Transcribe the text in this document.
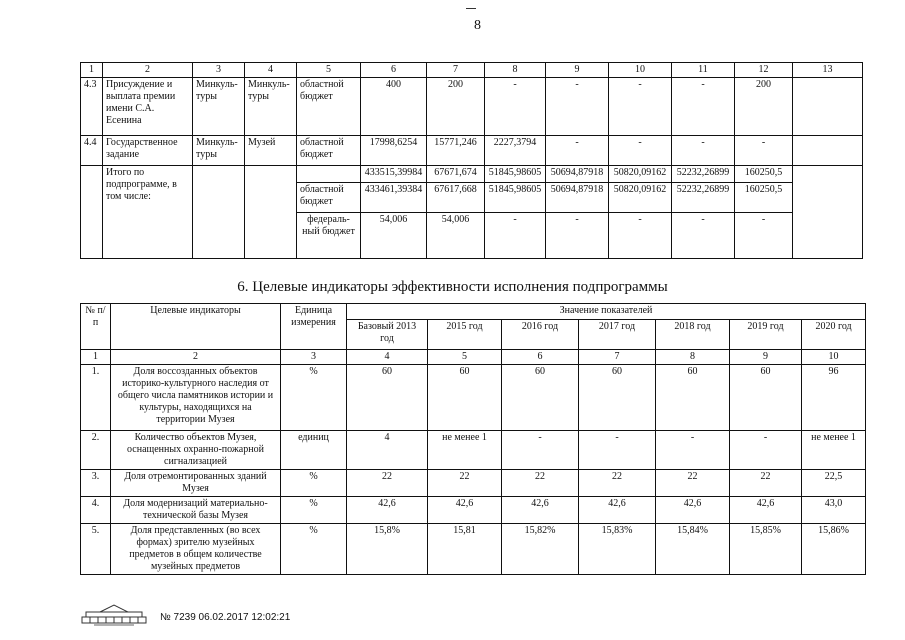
8
1	2	3	4	5	6	7	8	9	10	11	12	13
4.3	Присуждение и выплата премии имени С.А. Есенина	Минкуль-туры	Минкуль-туры	областной бюджет	400	200	-	-	-	-	200	
4.4	Государственное задание	Минкуль-туры	Музей	областной бюджет	17998,6254	15771,246	2227,3794	-	-	-	-	
	Итого по подпрограмме, в том числе:				433515,39984	67671,674	51845,98605	50694,87918	50820,09162	52232,26899	160250,5	
				областной бюджет	433461,39384	67617,668	51845,98605	50694,87918	50820,09162	52232,26899	160250,5	
				федераль-ный бюджет	54,006	54,006	-	-	-	-	-	
6. Целевые индикаторы эффективности исполнения подпрограммы
№ п/п	Целевые индикаторы	Единица измерения	Значение показателей						
			Базовый 2013 год	2015 год	2016 год	2017 год	2018 год	2019 год	2020 год
1	2	3	4	5	6	7	8	9	10
1.	Доля воссозданных объектов историко-культурного наследия от общего числа памятников истории и культуры, находящихся на территории Музея	%	60	60	60	60	60	60	96
2.	Количество объектов Музея, оснащенных охранно-пожарной сигнализацией	единиц	4	не менее 1	-	-	-	-	не менее 1
3.	Доля отремонтированных зданий Музея	%	22	22	22	22	22	22	22,5
4.	Доля модернизаций материально-технической базы Музея	%	42,6	42,6	42,6	42,6	42,6	42,6	43,0
5.	Доля представленных (во всех формах) зрителю музейных предметов в общем количестве музейных предметов	%	15,8%	15,81	15,82%	15,83%	15,84%	15,85%	15,86%
№ 7239 06.02.2017 12:02:21
